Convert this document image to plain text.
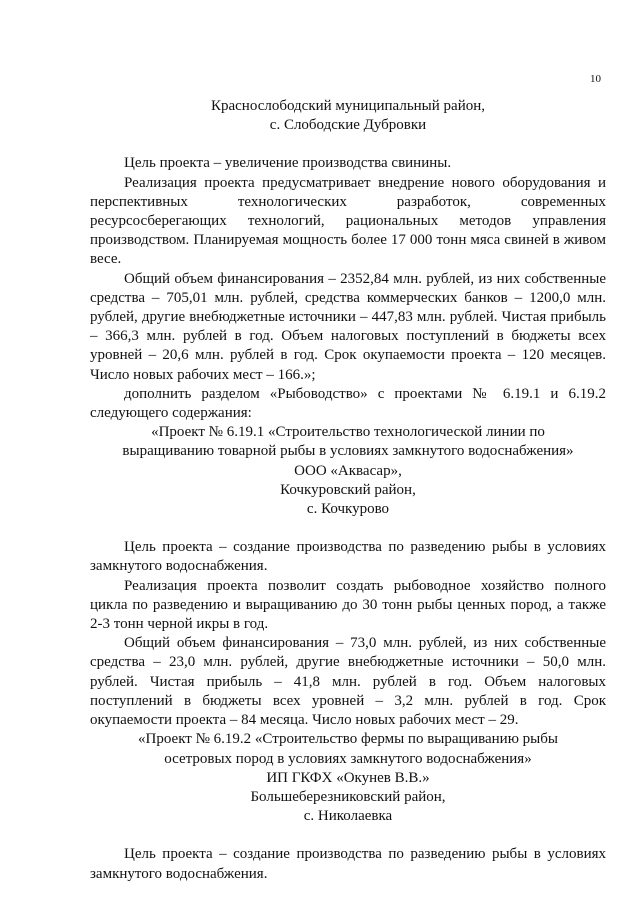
10

Краснослободский муниципальный район,

с. Слободские Дубровки

Цель проекта – увеличение производства свинины.

Реализация проекта предусматривает внедрение нового оборудования и перспективных технологических разработок, современных ресурсосберегающих технологий, рациональных методов управления производством. Планируемая мощность более 17 000 тонн мяса свиней в живом весе.

Общий объем финансирования – 2352,84 млн. рублей, из них собственные средства – 705,01 млн. рублей, средства коммерческих банков – 1200,0 млн. рублей, другие внебюджетные источники – 447,83 млн. рублей. Чистая прибыль – 366,3 млн. рублей в год. Объем налоговых поступлений в бюджеты всех уровней – 20,6 млн. рублей в год. Срок окупаемости проекта – 120 месяцев. Число новых рабочих мест – 166.»;

дополнить разделом «Рыбоводство» с проектами № 6.19.1 и 6.19.2 следующего содержания:

«Проект № 6.19.1 «Строительство технологической линии по

выращиванию товарной рыбы в условиях замкнутого водоснабжения»

ООО «Аквасар»,

Кочкуровский район,

с. Кочкурово

Цель проекта – создание производства по разведению рыбы в условиях замкнутого водоснабжения.

Реализация проекта позволит создать рыбоводное хозяйство полного цикла по разведению и выращиванию до 30 тонн рыбы ценных пород, а также 2-3 тонн черной икры в год.

Общий объем финансирования – 73,0 млн. рублей, из них собственные средства – 23,0 млн. рублей, другие внебюджетные источники – 50,0 млн. рублей. Чистая прибыль – 41,8 млн. рублей в год. Объем налоговых поступлений в бюджеты всех уровней – 3,2 млн. рублей в год. Срок окупаемости проекта – 84 месяца. Число новых рабочих мест – 29.

«Проект № 6.19.2 «Строительство фермы по выращиванию рыбы

осетровых пород в условиях замкнутого водоснабжения»

ИП ГКФХ «Окунев В.В.»

Большеберезниковский район,

с. Николаевка

Цель проекта – создание производства по разведению рыбы в условиях замкнутого водоснабжения.
